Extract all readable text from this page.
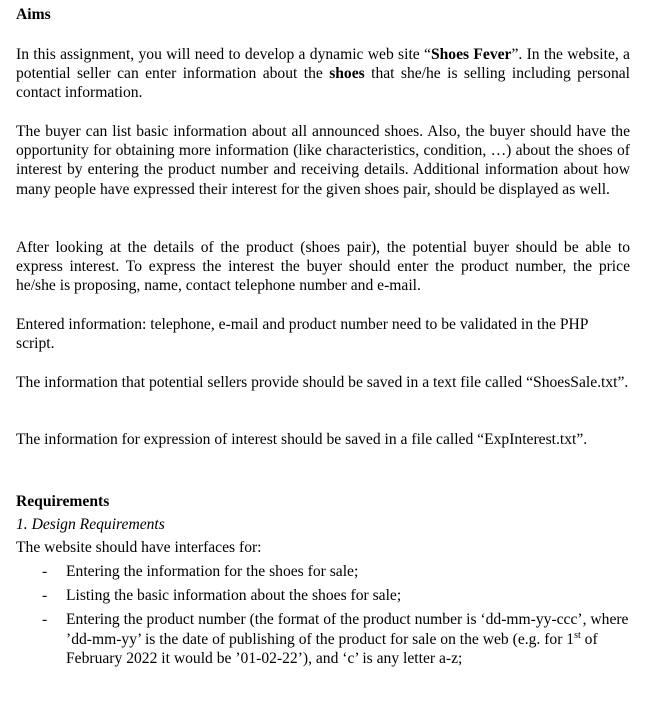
Aims

In this assignment, you will need to develop a dynamic web site “Shoes Fever”. In the website, a potential seller can enter information about the shoes that she/he is selling including personal contact information.

The buyer can list basic information about all announced shoes. Also, the buyer should have the opportunity for obtaining more information (like characteristics, condition, …) about the shoes of interest by entering the product number and receiving details. Additional information about how many people have expressed their interest for the given shoes pair, should be displayed as well.

After looking at the details of the product (shoes pair), the potential buyer should be able to express interest. To express the interest the buyer should enter the product number, the price he/she is proposing, name, contact telephone number and e-mail.

Entered information: telephone, e-mail and product number need to be validated in the PHP script.

The information that potential sellers provide should be saved in a text file called “ShoesSale.txt”.

The information for expression of interest should be saved in a file called “ExpInterest.txt”.

Requirements
1. Design Requirements
The website should have interfaces for:
- Entering the information for the shoes for sale;
- Listing the basic information about the shoes for sale;
- Entering the product number (the format of the product number is ‘dd-mm-yy-ccc’, where ’dd-mm-yy’ is the date of publishing of the product for sale on the web (e.g. for 1st of February 2022 it would be ’01-02-22’), and ‘c’ is any letter a-z;
